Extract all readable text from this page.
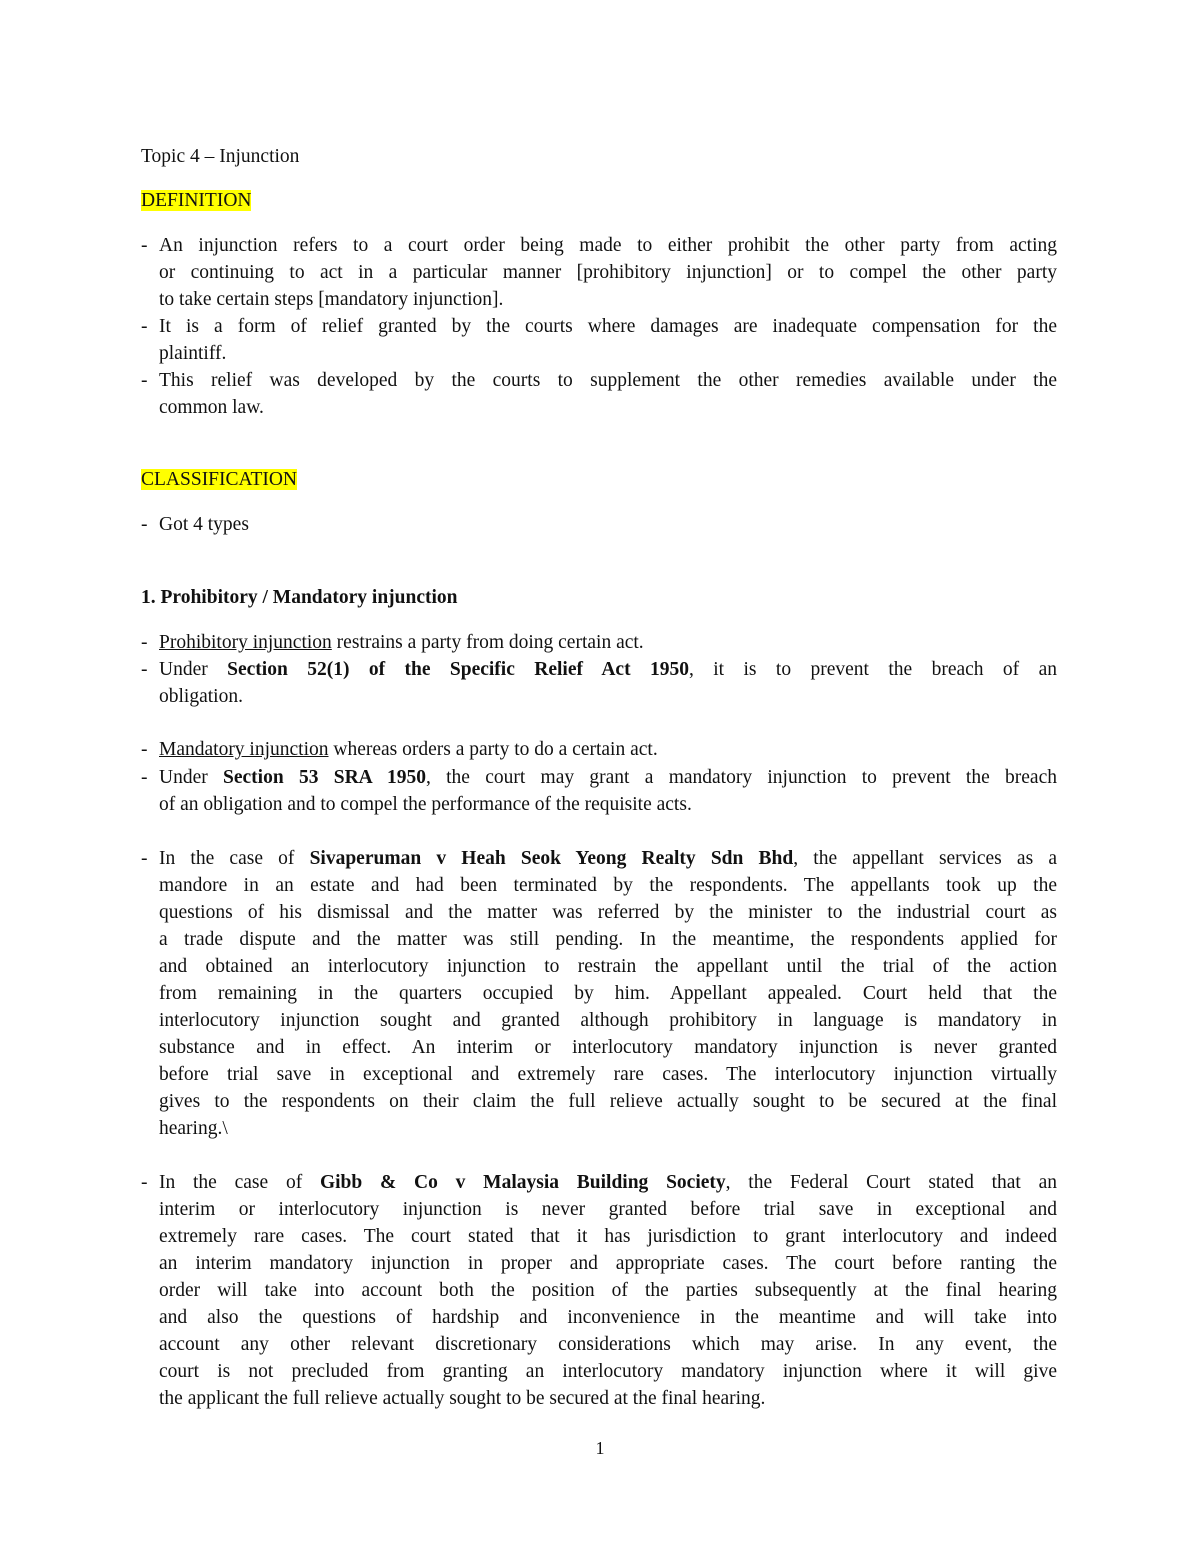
Topic 4 – Injunction
DEFINITION
- An injunction refers to a court order being made to either prohibit the other party from acting
or continuing to act in a particular manner [prohibitory injunction] or to compel the other party
to take certain steps [mandatory injunction].
- It is a form of relief granted by the courts where damages are inadequate compensation for the
plaintiff.
- This relief was developed by the courts to supplement the other remedies available under the
common law.
CLASSIFICATION
- Got 4 types
1. Prohibitory / Mandatory injunction
- Prohibitory injunction restrains a party from doing certain act.
- Under Section 52(1) of the Specific Relief Act 1950, it is to prevent the breach of an
obligation.
- Mandatory injunction whereas orders a party to do a certain act.
- Under Section 53 SRA 1950, the court may grant a mandatory injunction to prevent the breach
of an obligation and to compel the performance of the requisite acts.
- In the case of Sivaperuman v Heah Seok Yeong Realty Sdn Bhd, the appellant services as a
mandore in an estate and had been terminated by the respondents. The appellants took up the
questions of his dismissal and the matter was referred by the minister to the industrial court as
a trade dispute and the matter was still pending. In the meantime, the respondents applied for
and obtained an interlocutory injunction to restrain the appellant until the trial of the action
from remaining in the quarters occupied by him. Appellant appealed. Court held that the
interlocutory injunction sought and granted although prohibitory in language is mandatory in
substance and in effect. An interim or interlocutory mandatory injunction is never granted
before trial save in exceptional and extremely rare cases. The interlocutory injunction virtually
gives to the respondents on their claim the full relieve actually sought to be secured at the final
hearing.\
- In the case of Gibb & Co v Malaysia Building Society, the Federal Court stated that an
interim or interlocutory injunction is never granted before trial save in exceptional and
extremely rare cases. The court stated that it has jurisdiction to grant interlocutory and indeed
an interim mandatory injunction in proper and appropriate cases. The court before ranting the
order will take into account both the position of the parties subsequently at the final hearing
and also the questions of hardship and inconvenience in the meantime and will take into
account any other relevant discretionary considerations which may arise. In any event, the
court is not precluded from granting an interlocutory mandatory injunction where it will give
the applicant the full relieve actually sought to be secured at the final hearing.
1
